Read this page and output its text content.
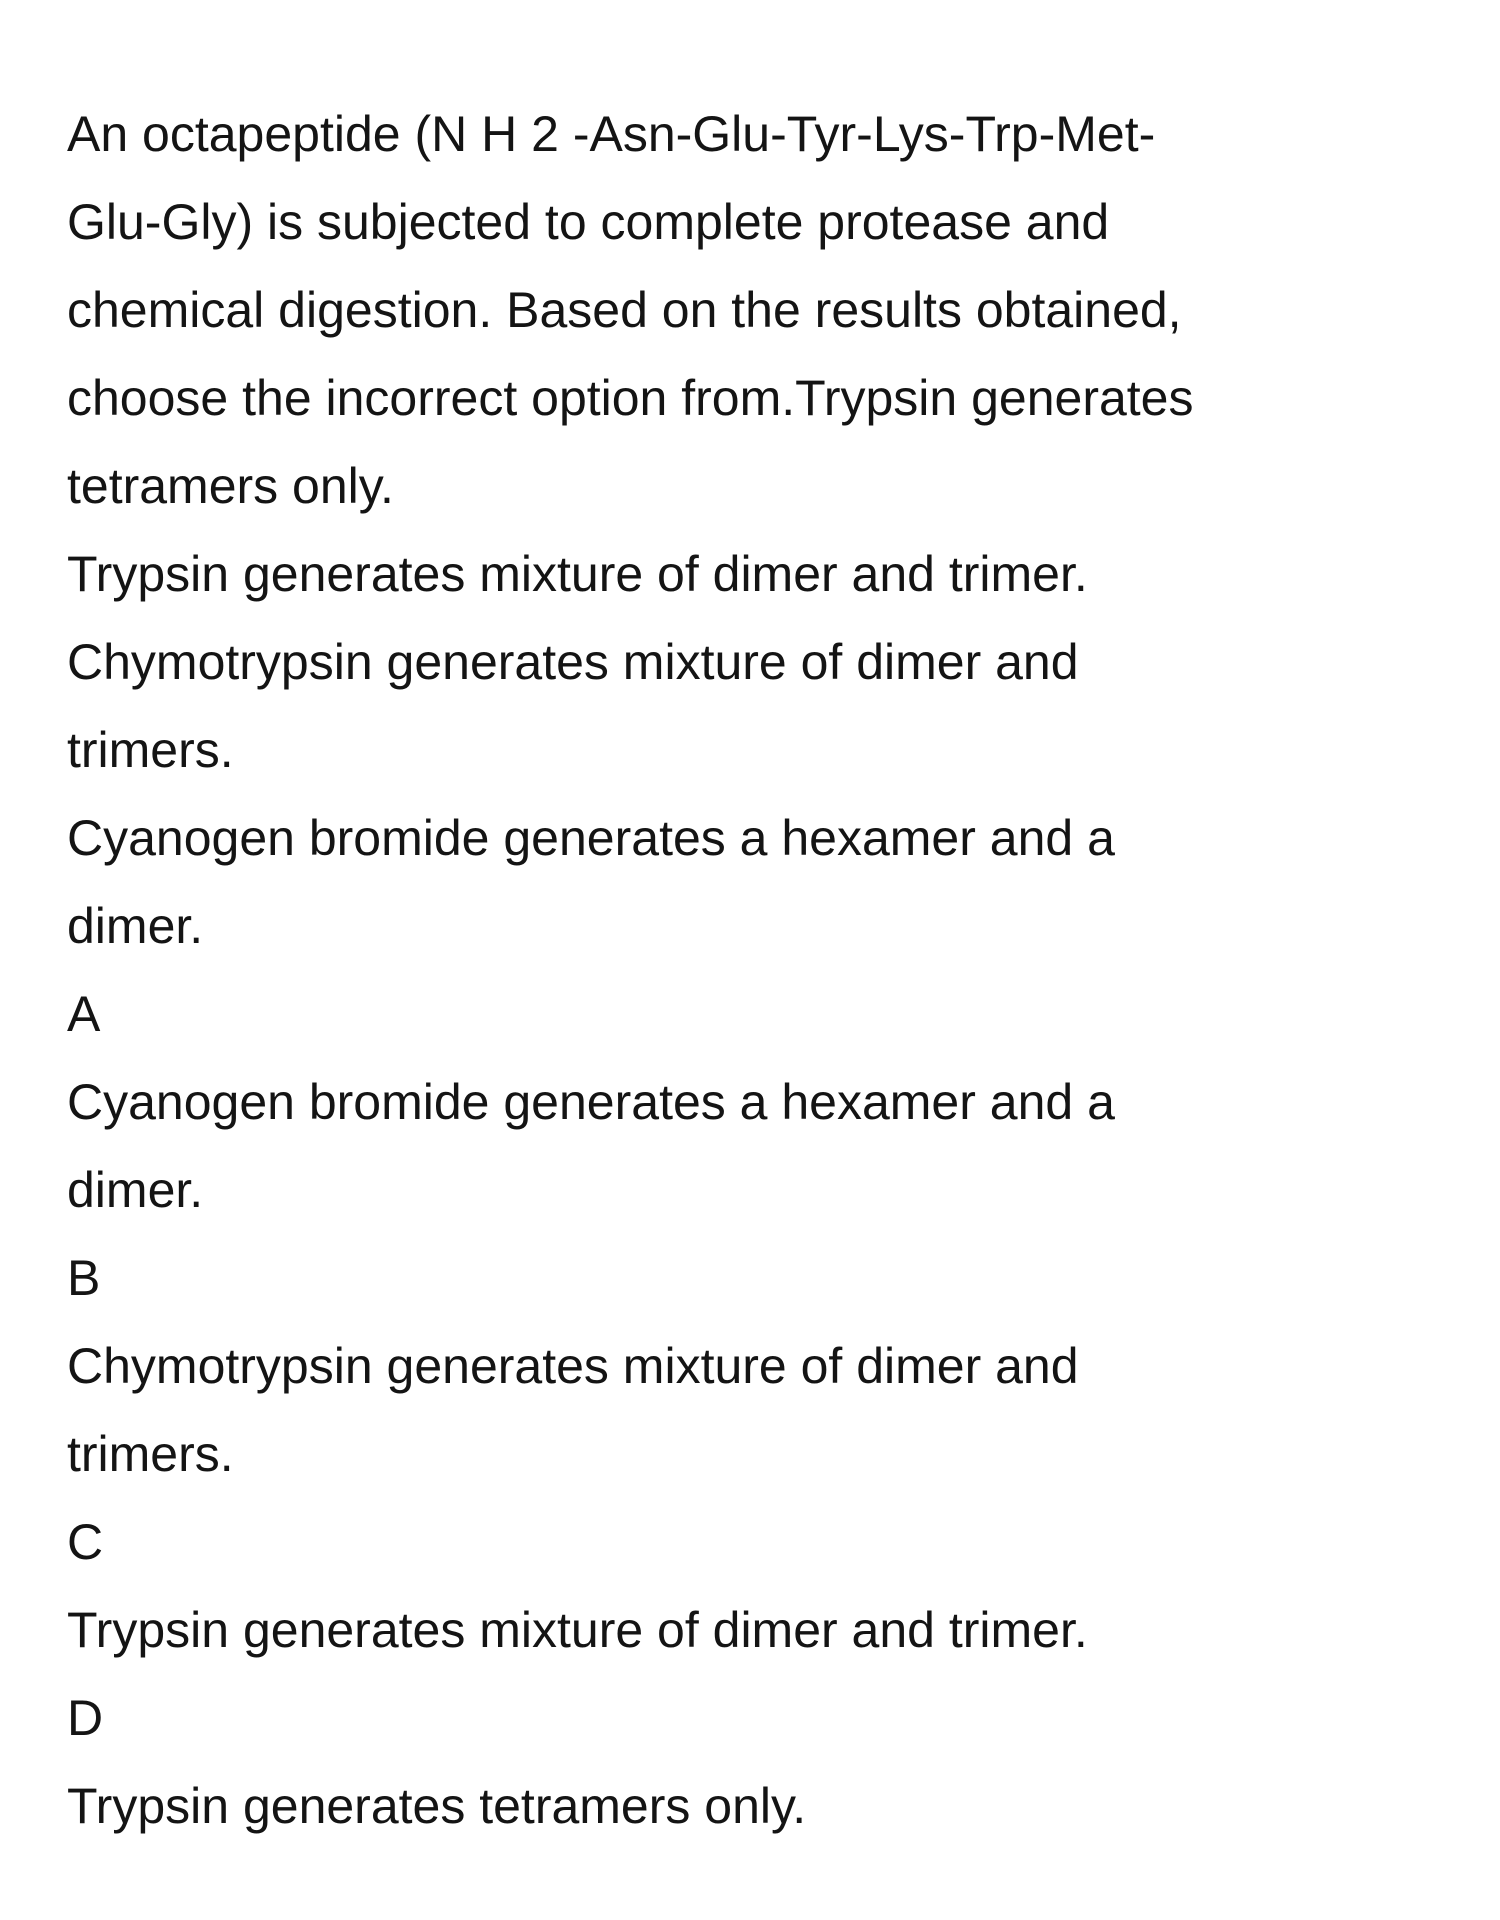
An octapeptide (N H 2 -Asn-Glu-Tyr-Lys-Trp-Met-
Glu-Gly) is subjected to complete protease and
chemical digestion. Based on the results obtained,
choose the incorrect option from.Trypsin generates
tetramers only.
Trypsin generates mixture of dimer and trimer.
Chymotrypsin generates mixture of dimer and
trimers.
Cyanogen bromide generates a hexamer and a
dimer.
A
Cyanogen bromide generates a hexamer and a
dimer.
B
Chymotrypsin generates mixture of dimer and
trimers.
C
Trypsin generates mixture of dimer and trimer.
D
Trypsin generates tetramers only.
